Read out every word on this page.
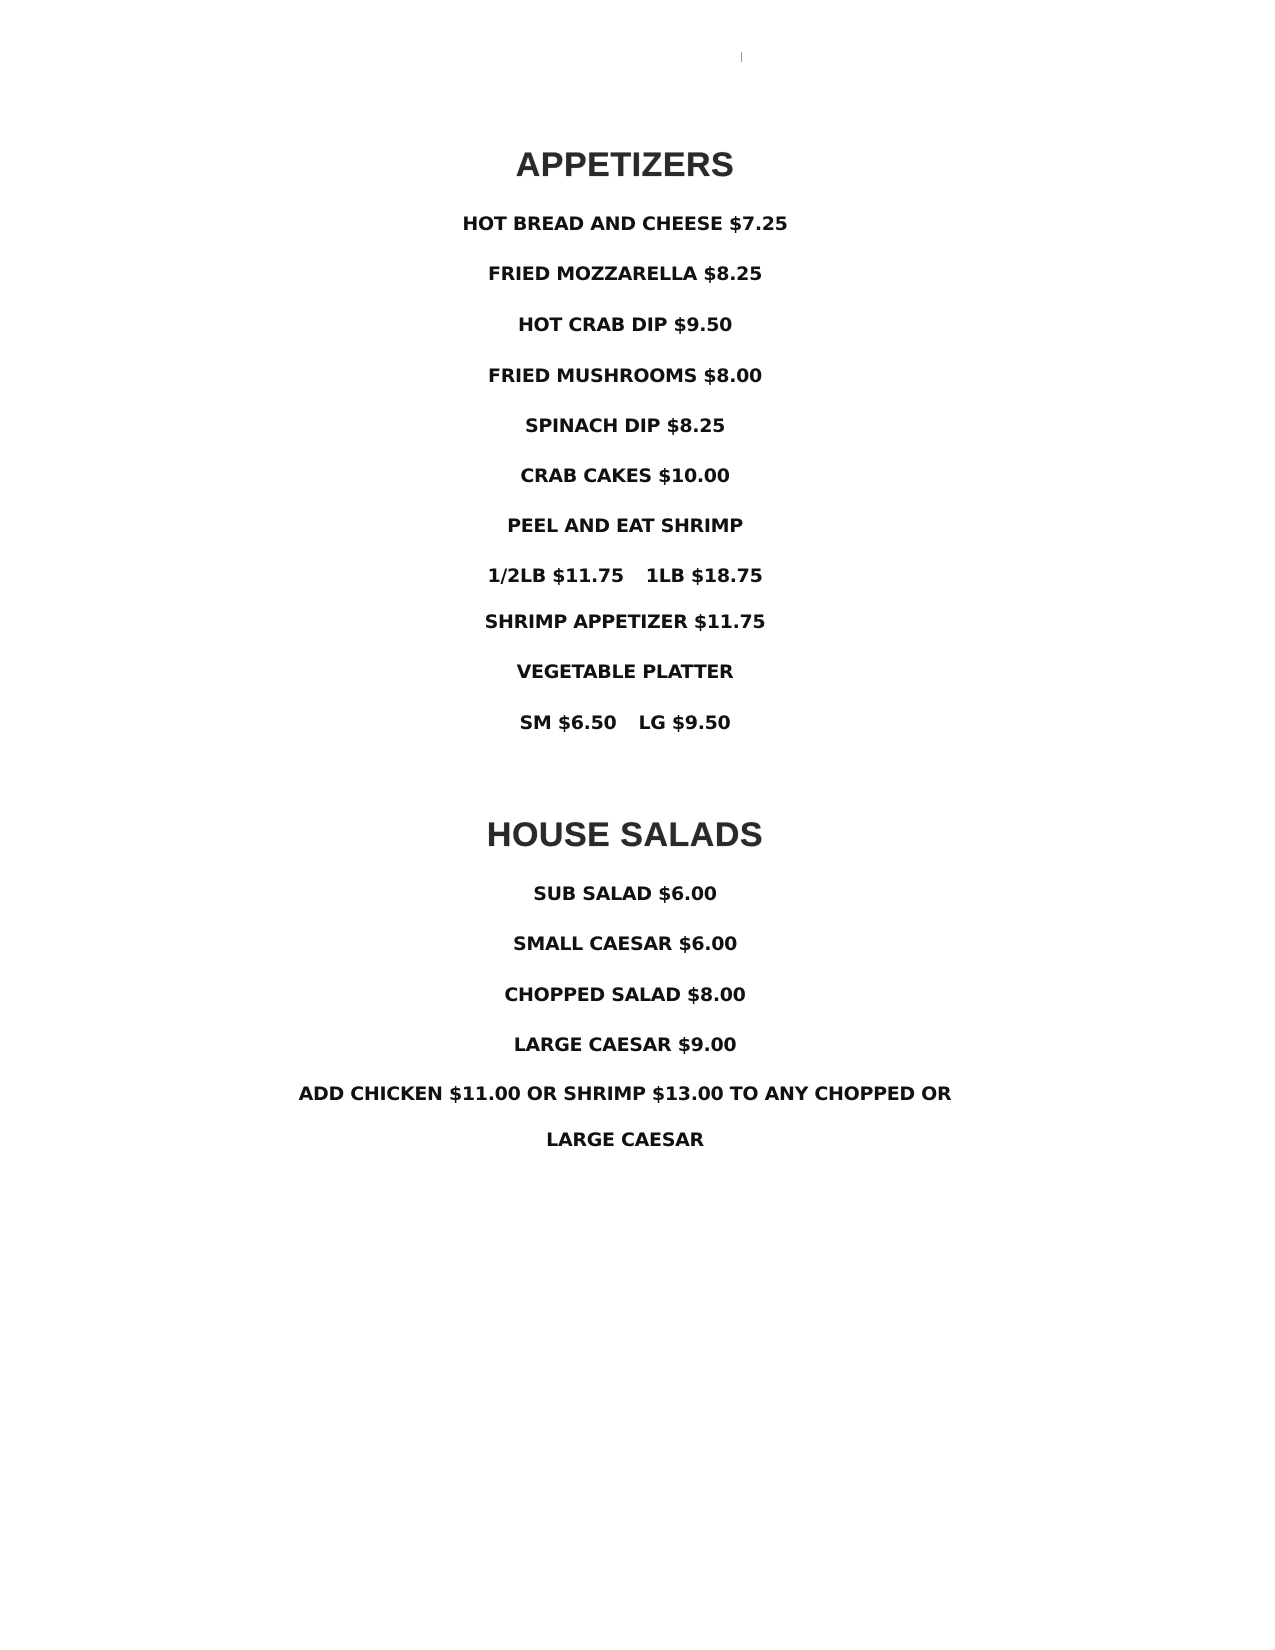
APPETIZERS
HOT BREAD AND CHEESE $7.25
FRIED MOZZARELLA $8.25
HOT CRAB DIP $9.50
FRIED MUSHROOMS $8.00
SPINACH DIP $8.25
CRAB CAKES $10.00
PEEL AND EAT SHRIMP
1/2LB $11.75 1LB $18.75
SHRIMP APPETIZER $11.75
VEGETABLE PLATTER
SM $6.50 LG $9.50
HOUSE SALADS
SUB SALAD $6.00
SMALL CAESAR $6.00
CHOPPED SALAD $8.00
LARGE CAESAR $9.00
ADD CHICKEN $11.00 OR SHRIMP $13.00 TO ANY CHOPPED OR
LARGE CAESAR
